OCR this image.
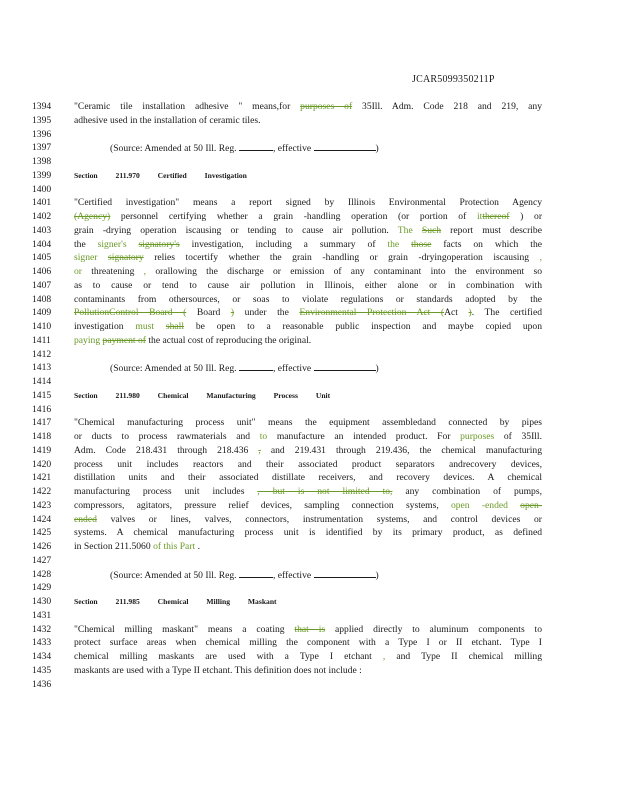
JCAR5099350211P
1394	"Ceramic tile installation adhesive " means,for purposes of 35Ill. Adm. Code 218 and 219, any
1395	adhesive used in the installation of ceramic tiles.
1396
1397	(Source: Amended at 50 Ill. Reg.	, effective	)
1398
1399	Section 211.970 Certified Investigation
1400
1401	"Certified investigation" means a report signed by Illinois Environmental Protection Agency
1402	(Agency) personnel certifying whether a grain -handling operation (or portion of itthereof ) or
1403	grain -drying operation iscausing or tending to cause air pollution. The Such report must describe
1404	the signer's signatory's investigation, including a summary of the those facts on which the
1405	signer signatory relies tocertify whether the grain -handling or grain -dryingoperation iscausing ,
1406	or threatening , orallowing the discharge or emission of any contaminant into the environment so
1407	as to cause or tend to cause air pollution in Illinois, either alone or in combination with
1408	contaminants from othersources, or soas to violate regulations or standards adopted by the
1409	PollutionControl Board ( Board ) under the Environmental Protection Act (Act ). The certified
1410	investigation must shall be open to a reasonable public inspection and maybe copied upon
1411	paying payment of the actual cost of reproducing the original.
1412
1413	(Source: Amended at 50 Ill. Reg.	, effective	)
1414
1415	Section 211.980 Chemical Manufacturing Process Unit
1416
1417	"Chemical manufacturing process unit" means the equipment assembledand connected by pipes
1418	or ducts to process rawmaterials and to manufacture an intended product. For purposes of 35Ill.
1419	Adm. Code 218.431 through 218.436 , and 219.431 through 219.436, the chemical manufacturing
1420	process unit includes reactors and their associated product separators andrecovery devices,
1421	distillation units and their associated distillate receivers, and recovery devices. A chemical
1422	manufacturing process unit includes , but is not limited to, any combination of pumps,
1423	compressors, agitators, pressure relief devices, sampling connection systems, open -ended open-
1424	ended valves or lines, valves, connectors, instrumentation systems, and control devices or
1425	systems. A chemical manufacturing process unit is identified by its primary product, as defined
1426	in Section 211.5060 of this Part .
1427
1428	(Source: Amended at 50 Ill. Reg.	, effective	)
1429
1430	Section 211.985 Chemical Milling Maskant
1431
1432	"Chemical milling maskant" means a coating that is applied directly to aluminum components to
1433	protect surface areas when chemical milling the component with a Type I or II etchant. Type I
1434	chemical milling maskants are used with a Type I etchant , and Type II chemical milling
1435	maskants are used with a Type II etchant. This definition does not include :
1436
